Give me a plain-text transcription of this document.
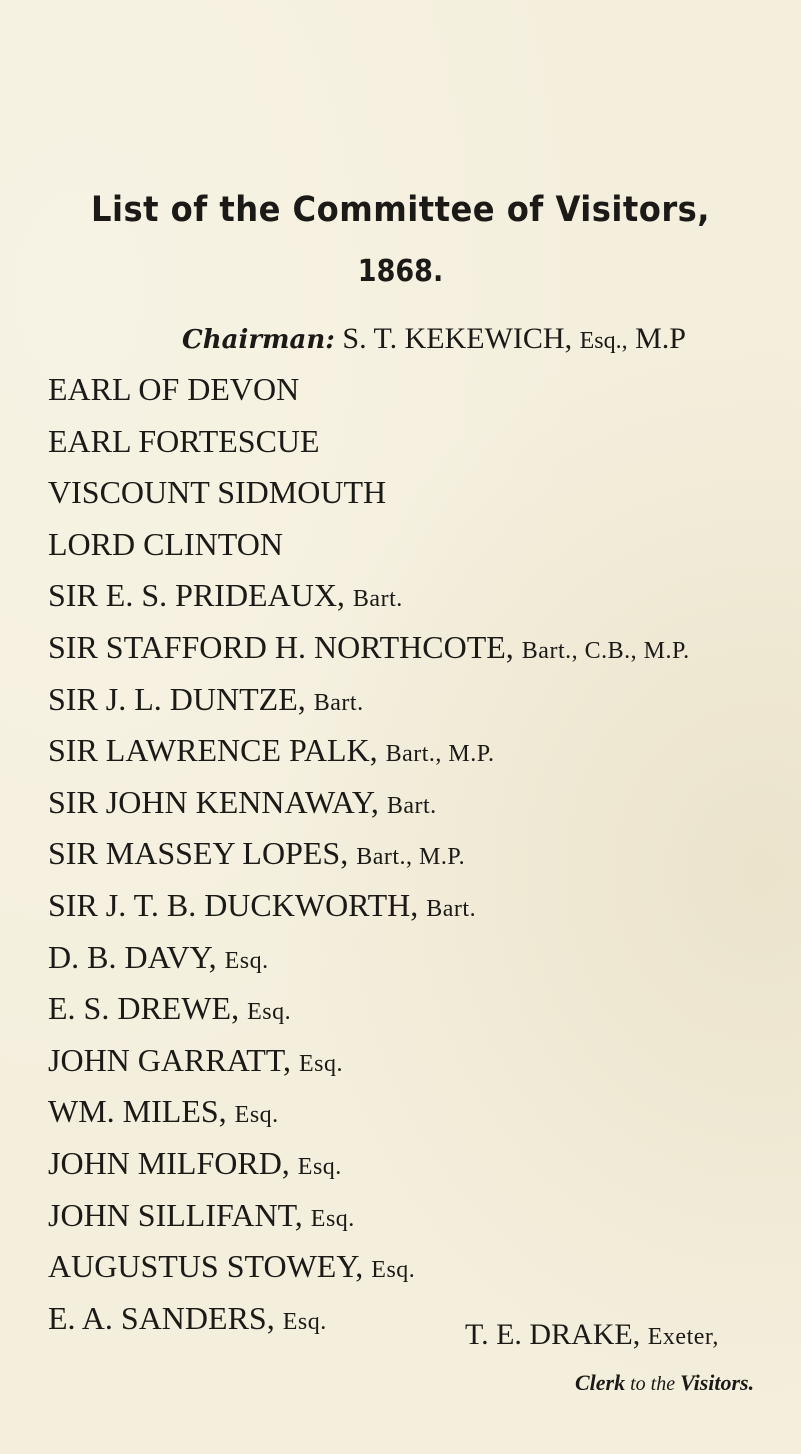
List of the Committee of Visitors,
1868.
Chairman: S. T. KEKEWICH, Esq., M.P
EARL OF DEVON
EARL FORTESCUE
VISCOUNT SIDMOUTH
LORD CLINTON
SIR E. S. PRIDEAUX, Bart.
SIR STAFFORD H. NORTHCOTE, Bart., C.B., M.P.
SIR J. L. DUNTZE, Bart.
SIR LAWRENCE PALK, Bart., M.P.
SIR JOHN KENNAWAY, Bart.
SIR MASSEY LOPES, Bart., M.P.
SIR J. T. B. DUCKWORTH, Bart.
D. B. DAVY, Esq.
E. S. DREWE, Esq.
JOHN GARRATT, Esq.
WM. MILES, Esq.
JOHN MILFORD, Esq.
JOHN SILLIFANT, Esq.
AUGUSTUS STOWEY, Esq.
E. A. SANDERS, Esq.	T. E. DRAKE, Exeter,
Clerk to the Visitors.
